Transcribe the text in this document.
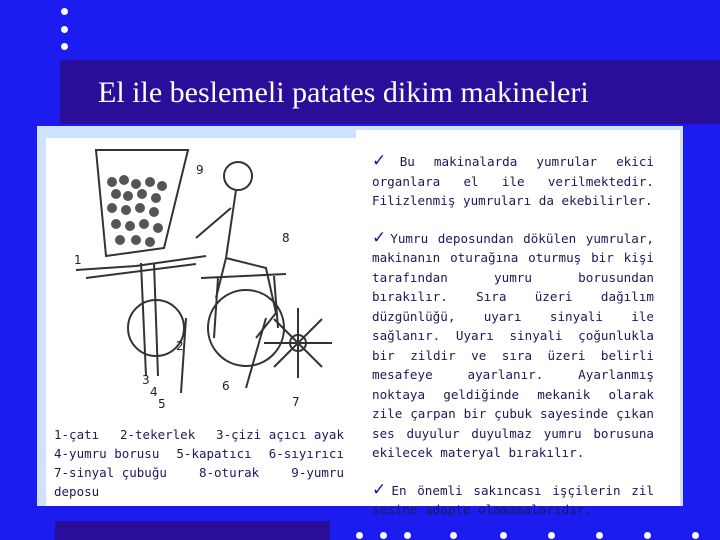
El ile beslemeli patates dikim makineleri
9
8
1
2
3
4
5
6
7
1-çatı 2-tekerlek 3-çizi açıcı ayak
4-yumru borusu 5-kapatıcı 6-sıyırıcı
7-sinyal çubuğu	8-oturak	9-yumru
deposu

✓ Bu makinalarda yumrular ekici organlara el ile verilmektedir. Filizlenmiş yumruları da ekebilirler.

✓ Yumru deposundan dökülen yumrular, makinanın oturağına oturmuş bir kişi tarafından yumru borusundan bırakılır. Sıra üzeri dağılım düzgünlüğü, uyarı sinyali ile sağlanır. Uyarı sinyali çoğunlukla bir zildir ve sıra üzeri belirli mesafeye ayarlanır. Ayarlanmış noktaya geldiğinde mekanik olarak zile çarpan bir çubuk sayesinde çıkan ses duyulur duyulmaz yumru borusuna ekilecek materyal bırakılır.

✓ En önemli sakıncası işçilerin zil sesine adapte olamamalarıdır.
